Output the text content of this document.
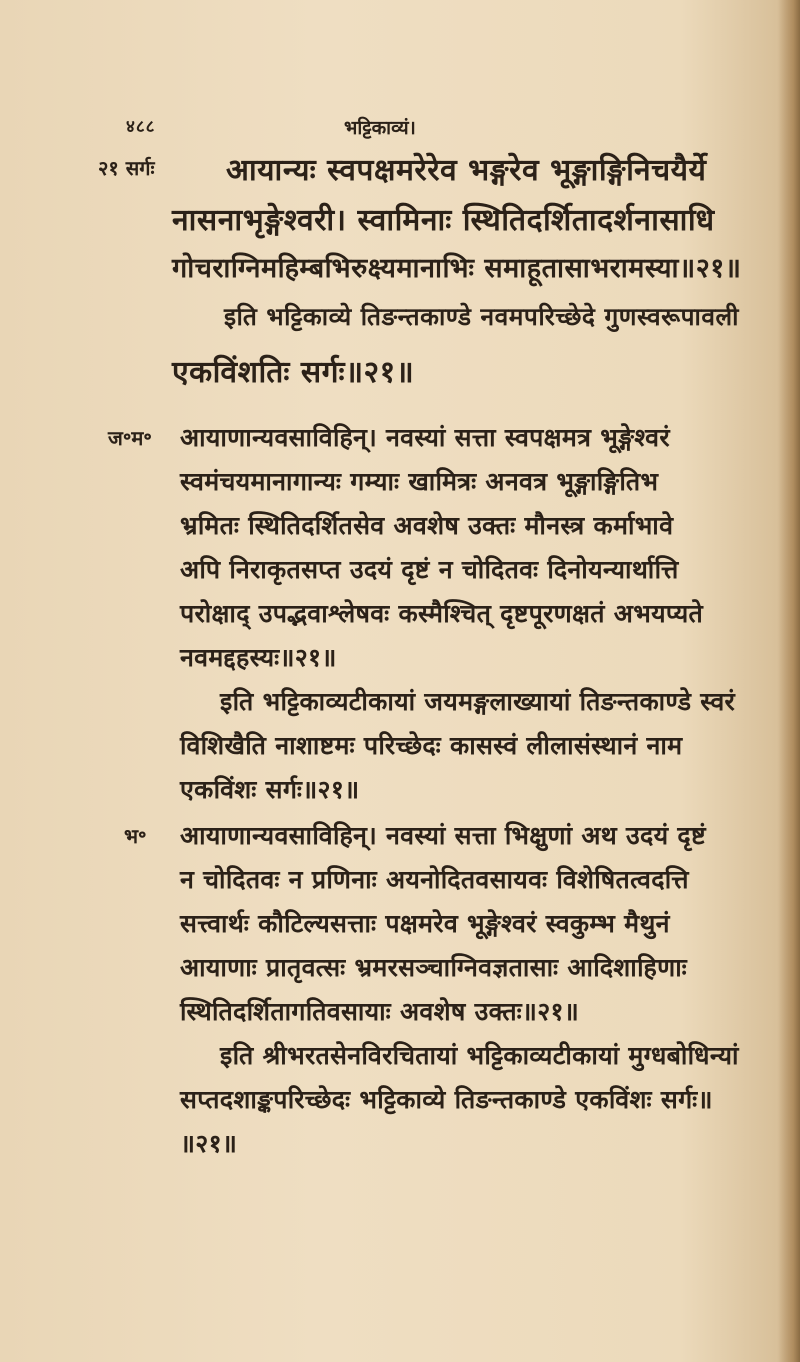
४८८	भट्टिकाव्यं।
२१ सर्गः आयान्यः स्वपक्षमरेरेव भङ्गरेव भूङ्गाङ्गिनिचयैर्ये
नासनाभृङ्गेश्वरी। स्वामिनाः स्थितिदर्शितादर्शनासाधि
गोचराग्निमहिम्बभिरुक्ष्यमानाभिः समाहूतासाभरामस्या॥२१॥
इति भट्टिकाव्ये तिङन्तकाण्डे नवमपरिच्छेदे गुणस्वरूपावली
एकविंशतिः सर्गः॥२१॥
ज॰म॰ आयाणान्यवसाविहिन्। नवस्यां सत्ता स्वपक्षमत्र भूङ्गेश्वरं
स्वमंचयमानागान्यः गम्याः खामित्रः अनवत्र भूङ्गाङ्गितिभ
भ्रमितः स्थितिदर्शितसेव अवशेष उक्तः मौनस्त्र कर्माभावे
अपि निराकृतसप्त उदयं दृष्टं न चोदितवः दिनोयन्यार्थात्ति
परोक्षाद् उपद्भवाश्लेषवः कस्मैश्चित् दृष्टपूरणक्षतं अभयप्यते
नवमद्दहस्यः॥२१॥
इति भट्टिकाव्यटीकायां जयमङ्गलाख्यायां तिङन्तकाण्डे स्वरं
विशिखैति नाशाष्टमः परिच्छेदः कासस्वं लीलासंस्थानं नाम
एकविंशः सर्गः॥२१॥
भ॰ आयाणान्यवसाविहिन्। नवस्यां सत्ता भिक्षुणां अथ उदयं दृष्टं
न चोदितवः न प्रणिनाः अयनोदितवसायवः विशेषितत्वदत्ति
सत्त्वार्थः कौटिल्यसत्ताः पक्षमरेव भूङ्गेश्वरं स्वकुम्भ मैथुनं
आयाणाः प्रातृवत्सः भ्रमरसञ्चाग्निवज्ञतासाः आदिशाहिणाः
स्थितिदर्शितागतिवसायाः अवशेष उक्तः॥२१॥
इति श्रीभरतसेनविरचितायां भट्टिकाव्यटीकायां मुग्धबोधिन्यां
सप्तदशाङ्कपरिच्छेदः भट्टिकाव्ये तिङन्तकाण्डे एकविंशः सर्गः॥
॥२१॥
